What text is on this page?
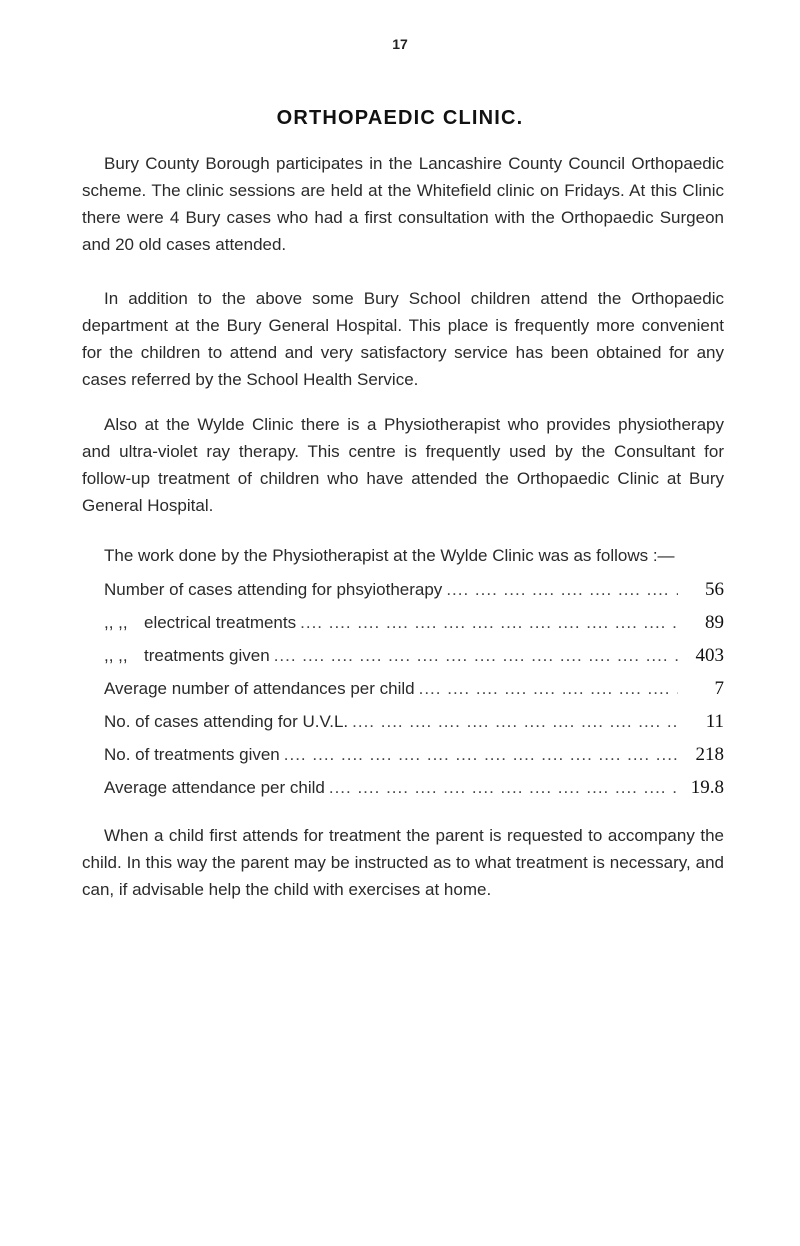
17
ORTHOPAEDIC CLINIC.

Bury County Borough participates in the Lancashire County Council Orthopaedic scheme. The clinic sessions are held at the Whitefield clinic on Fridays. At this Clinic there were 4 Bury cases who had a first consultation with the Orthopaedic Surgeon and 20 old cases attended.

In addition to the above some Bury School children attend the Orthopaedic department at the Bury General Hospital. This place is frequently more convenient for the children to attend and very satisfactory service has been obtained for any cases referred by the School Health Service.

Also at the Wylde Clinic there is a Physiotherapist who provides physiotherapy and ultra-violet ray therapy. This centre is frequently used by the Consultant for follow-up treatment of children who have attended the Orthopaedic Clinic at Bury General Hospital.

The work done by the Physiotherapist at the Wylde Clinic was as follows :—

Number of cases attending for phsyiotherapy ....	56
,, ,, electrical treatments ....	89
,, ,, treatments given ....	403
Average number of attendances per child ....	7
No. of cases attending for U.V.L. ....	11
No. of treatments given ....	218
Average attendance per child ....	19.8

When a child first attends for treatment the parent is requested to accompany the child. In this way the parent may be instructed as to what treatment is necessary, and can, if advisable help the child with exercises at home.
